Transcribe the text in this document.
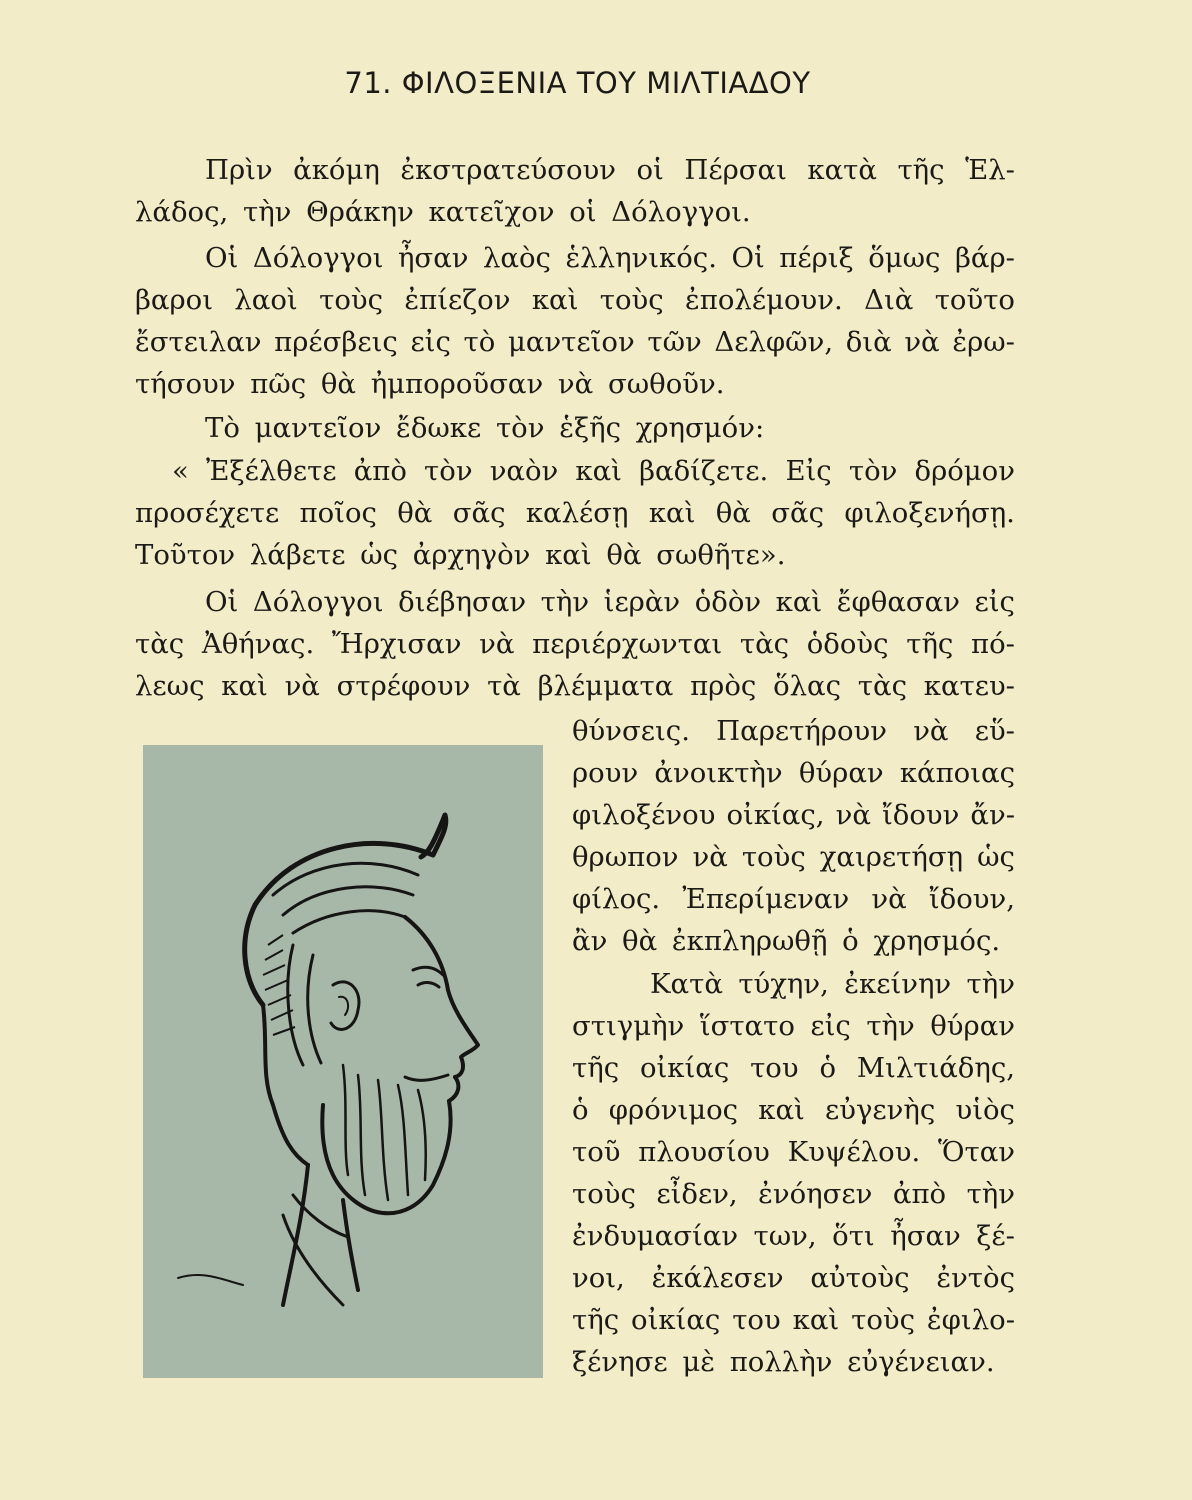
71. ΦΙΛΟΞΕΝΙΑ ΤΟΥ ΜΙΛΤΙΑΔΟΥ
Πρὶν ἀκόμη ἐκστρατεύσουν οἱ Πέρσαι κατὰ τῆς Ἑλ-
λάδος, τὴν Θράκην κατεῖχον οἱ Δόλογγοι.
Οἱ Δόλογγοι ἦσαν λαὸς ἑλληνικός. Οἱ πέριξ ὅμως βάρ-
βαροι λαοὶ τοὺς ἐπίεζον καὶ τοὺς ἐπολέμουν. Διὰ τοῦτο
ἔστειλαν πρέσβεις εἰς τὸ μαντεῖον τῶν Δελφῶν, διὰ νὰ ἐρω-
τήσουν πῶς θὰ ἠμποροῦσαν νὰ σωθοῦν.
Τὸ μαντεῖον ἔδωκε τὸν ἑξῆς χρησμόν:
« Ἐξέλθετε ἀπὸ τὸν ναὸν καὶ βαδίζετε. Εἰς τὸν δρόμον
προσέχετε ποῖος θὰ σᾶς καλέσῃ καὶ θὰ σᾶς φιλοξενήσῃ.
Τοῦτον λάβετε ὡς ἀρχηγὸν καὶ θὰ σωθῆτε».
Οἱ Δόλογγοι διέβησαν τὴν ἱερὰν ὁδὸν καὶ ἔφθασαν εἰς
τὰς Ἀθήνας. Ἤρχισαν νὰ περιέρχωνται τὰς ὁδοὺς τῆς πό-
λεως καὶ νὰ στρέφουν τὰ βλέμματα πρὸς ὅλας τὰς κατευ-
θύνσεις. Παρετήρουν νὰ εὕ-
ρουν ἀνοικτὴν θύραν κάποιας
φιλοξένου οἰκίας, νὰ ἴδουν ἄν-
θρωπον νὰ τοὺς χαιρετήσῃ ὡς
φίλος. Ἐπερίμεναν νὰ ἴδουν,
ἂν θὰ ἐκπληρωθῇ ὁ χρησμός.
Κατὰ τύχην, ἐκείνην τὴν
στιγμὴν ἵστατο εἰς τὴν θύραν
τῆς οἰκίας του ὁ Μιλτιάδης,
ὁ φρόνιμος καὶ εὐγενὴς υἱὸς
τοῦ πλουσίου Κυψέλου. Ὅταν
τοὺς εἶδεν, ἐνόησεν ἀπὸ τὴν
ἐνδυμασίαν των, ὅτι ἦσαν ξέ-
νοι, ἐκάλεσεν αὐτοὺς ἐντὸς
τῆς οἰκίας του καὶ τοὺς ἐφιλο-
ξένησε μὲ πολλὴν εὐγένειαν.
